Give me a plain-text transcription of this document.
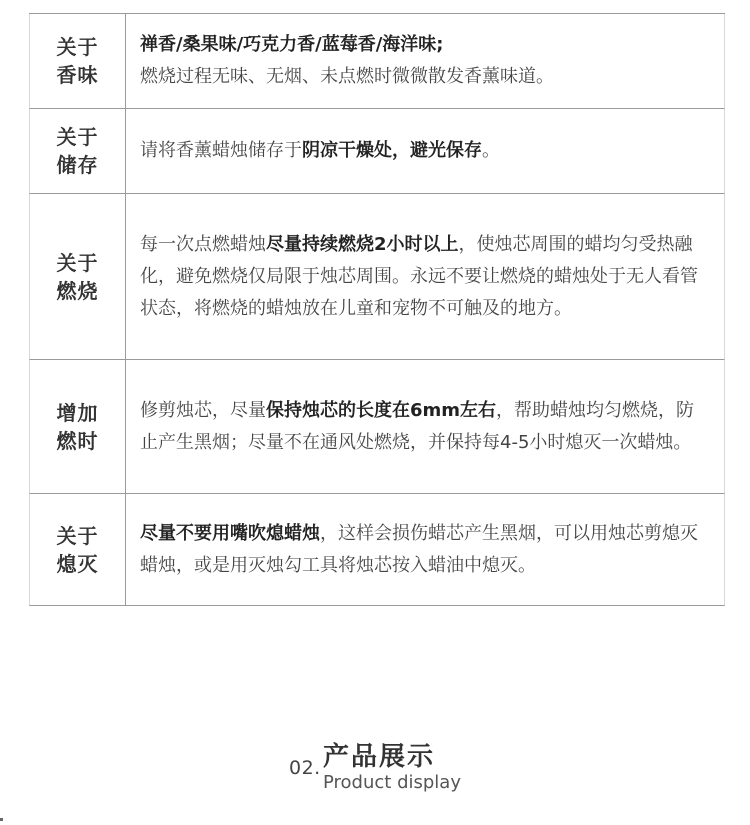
关于
香味

禅香/桑果味/巧克力香/蓝莓香/海洋味;
燃烧过程无味、无烟、未点燃时微微散发香薰味道。

关于
储存

请将香薰蜡烛储存于阴凉干燥处，避光保存。

关于
燃烧

每一次点燃蜡烛尽量持续燃烧2小时以上，使烛芯周围的蜡均匀受热融化，避免燃烧仅局限于烛芯周围。永远不要让燃烧的蜡烛处于无人看管状态，将燃烧的蜡烛放在儿童和宠物不可触及的地方。

增加
燃时

修剪烛芯，尽量保持烛芯的长度在6mm左右，帮助蜡烛均匀燃烧，防止产生黑烟；尽量不在通风处燃烧，并保持每4-5小时熄灭一次蜡烛。

关于
熄灭

尽量不要用嘴吹熄蜡烛，这样会损伤蜡芯产生黑烟，可以用烛芯剪熄灭蜡烛，或是用灭烛勾工具将烛芯按入蜡油中熄灭。

02. 产品展示
Product display
